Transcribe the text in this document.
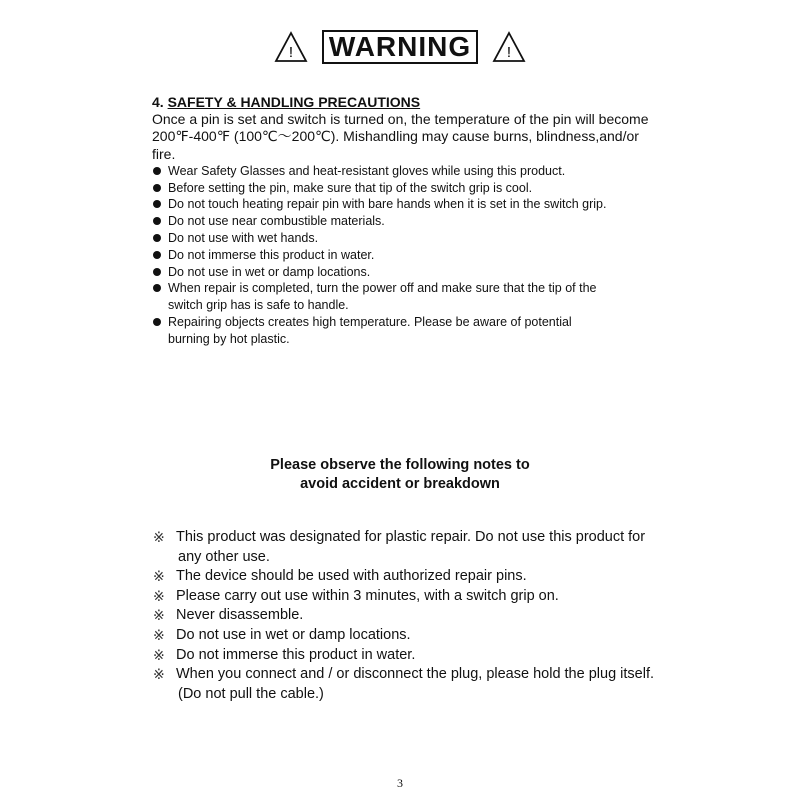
! WARNING	!

4. SAFETY & HANDLING PRECAUTIONS

Once a pin is set and switch is turned on, the temperature of the pin will become
200℉-400℉ (100℃～200℃). Mishandling may cause burns, blindness,and/or
fire.

Wear Safety Glasses and heat-resistant gloves while using this product.
Before setting the pin, make sure that tip of the switch grip is cool.
Do not touch heating repair pin with bare hands when it is set in the switch grip.
Do not use near combustible materials.
Do not use with wet hands.
Do not immerse this product in water.
Do not use in wet or damp locations.
When repair is completed, turn the power off and make sure that the tip of the
switch grip has is safe to handle.
Repairing objects creates high temperature. Please be aware of potential
burning by hot plastic.
Please observe the following notes to
avoid accident or breakdown
※ This product was designated for plastic repair. Do not use this product for
any other use.
※ The device should be used with authorized repair pins.
※ Please carry out use within 3 minutes, with a switch grip on.
※ Never disassemble.
※ Do not use in wet or damp locations.
※ Do not immerse this product in water.
※ When you connect and / or disconnect the plug, please hold the plug itself.
(Do not pull the cable.)
3
